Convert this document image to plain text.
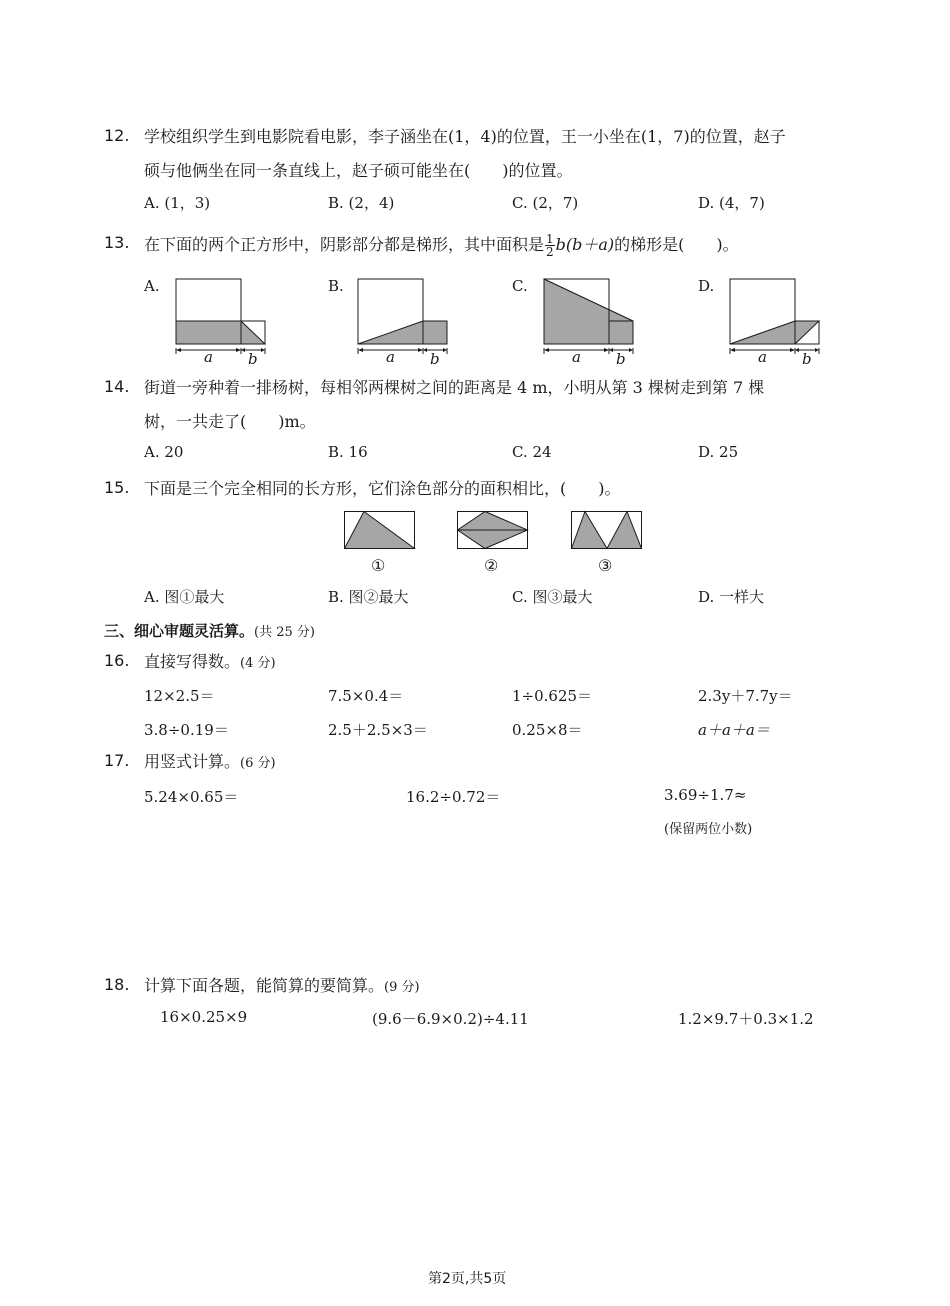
12. 学校组织学生到电影院看电影，李子涵坐在(1，4)的位置，王一小坐在(1，7)的位置，赵子
硕与他俩坐在同一条直线上，赵子硕可能坐在(　　)的位置。
A. (1，3)	B. (2，4)	C. (2，7)	D. (4，7)
13. 在下面的两个正方形中，阴影部分都是梯形，其中面积是 $\frac{1}{2} b(b+a)$的梯形是(　　)。
A.	B.	C.	D.
a b	a b	a b	a b
14. 街道一旁种着一排杨树，每相邻两棵树之间的距离是 4 m，小明从第 3 棵树走到第 7 棵
树，一共走了(　　)m。
A. 20	B. 16	C. 24	D. 25
15. 下面是三个完全相同的长方形，它们涂色部分的面积相比，(　　)。
①	②	③
A. 图①最大	B. 图②最大	C. 图③最大	D. 一样大
三、细心审题灵活算。(共 25 分)
16. 直接写得数。(4 分)
12×2.5＝	7.5×0.4＝	1÷0.625＝	2.3y＋7.7y＝
3.8÷0.19＝	2.5＋2.5×3＝	0.25×8＝	a＋a＋a＝
17. 用竖式计算。(6 分)
5.24×0.65＝	16.2÷0.72＝	3.69÷1.7≈
(保留两位小数)
18. 计算下面各题，能简算的要简算。(9 分)
16×0.25×9	(9.6－6.9×0.2)÷4.11	1.2×9.7＋0.3×1.2
第2页,共5页
